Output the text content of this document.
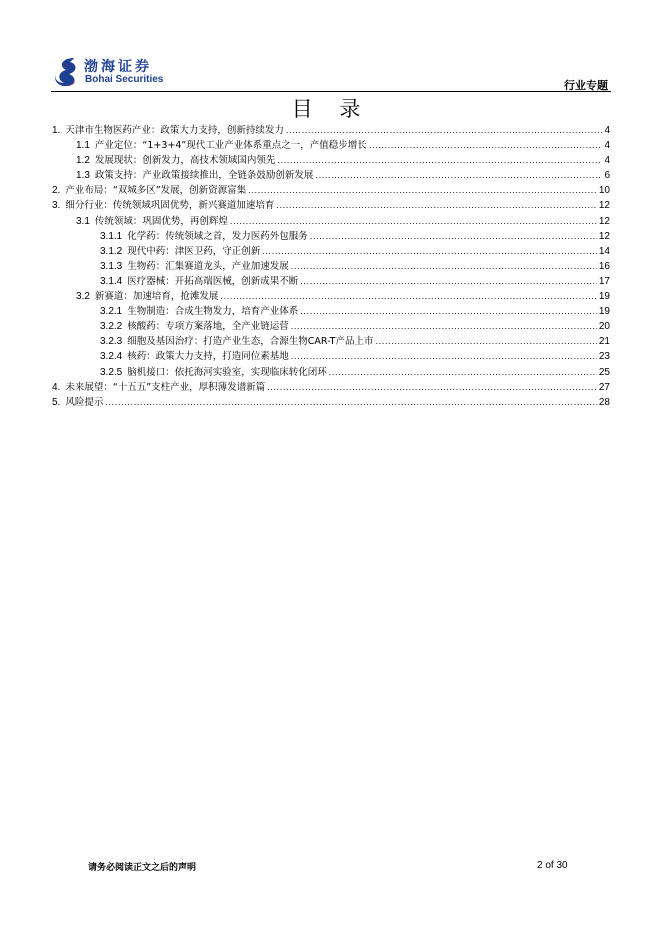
渤海证券
Bohai Securities	行业专题
目 录
1. 天津市生物医药产业：政策大力支持，创新持续发力 .....	4
1.1 产业定位：“1+3+4”现代工业产业体系重点之一，产值稳步增长 .....	4
1.2 发展现状：创新发力，高技术领域国内领先 .....	4
1.3 政策支持：产业政策接续推出，全链条鼓励创新发展 .....	6
2. 产业布局：“双城多区”发展，创新资源富集 .....	10
3. 细分行业：传统领域巩固优势，新兴赛道加速培育 .....	12
3.1 传统领域：巩固优势，再创辉煌 .....	12
3.1.1 化学药：传统领域之首，发力医药外包服务 .....	12
3.1.2 现代中药：津医卫药，守正创新 .....	14
3.1.3 生物药：汇集赛道龙头，产业加速发展 .....	16
3.1.4 医疗器械：开拓高端医械，创新成果不断 .....	17
3.2 新赛道：加速培育，抢滩发展 .....	19
3.2.1 生物制造：合成生物发力，培育产业体系 .....	19
3.2.2 核酸药：专项方案落地，全产业链运营 .....	20
3.2.3 细胞及基因治疗：打造产业生态，合源生物CAR-T产品上市 .....	21
3.2.4 核药：政策大力支持，打造同位素基地 .....	23
3.2.5 脑机接口：依托海河实验室，实现临床转化闭环 .....	25
4. 未来展望：“十五五”支柱产业，厚积薄发谱新篇 .....	27
5. 风险提示 .....	28
请务必阅读正文之后的声明	2 of 30
